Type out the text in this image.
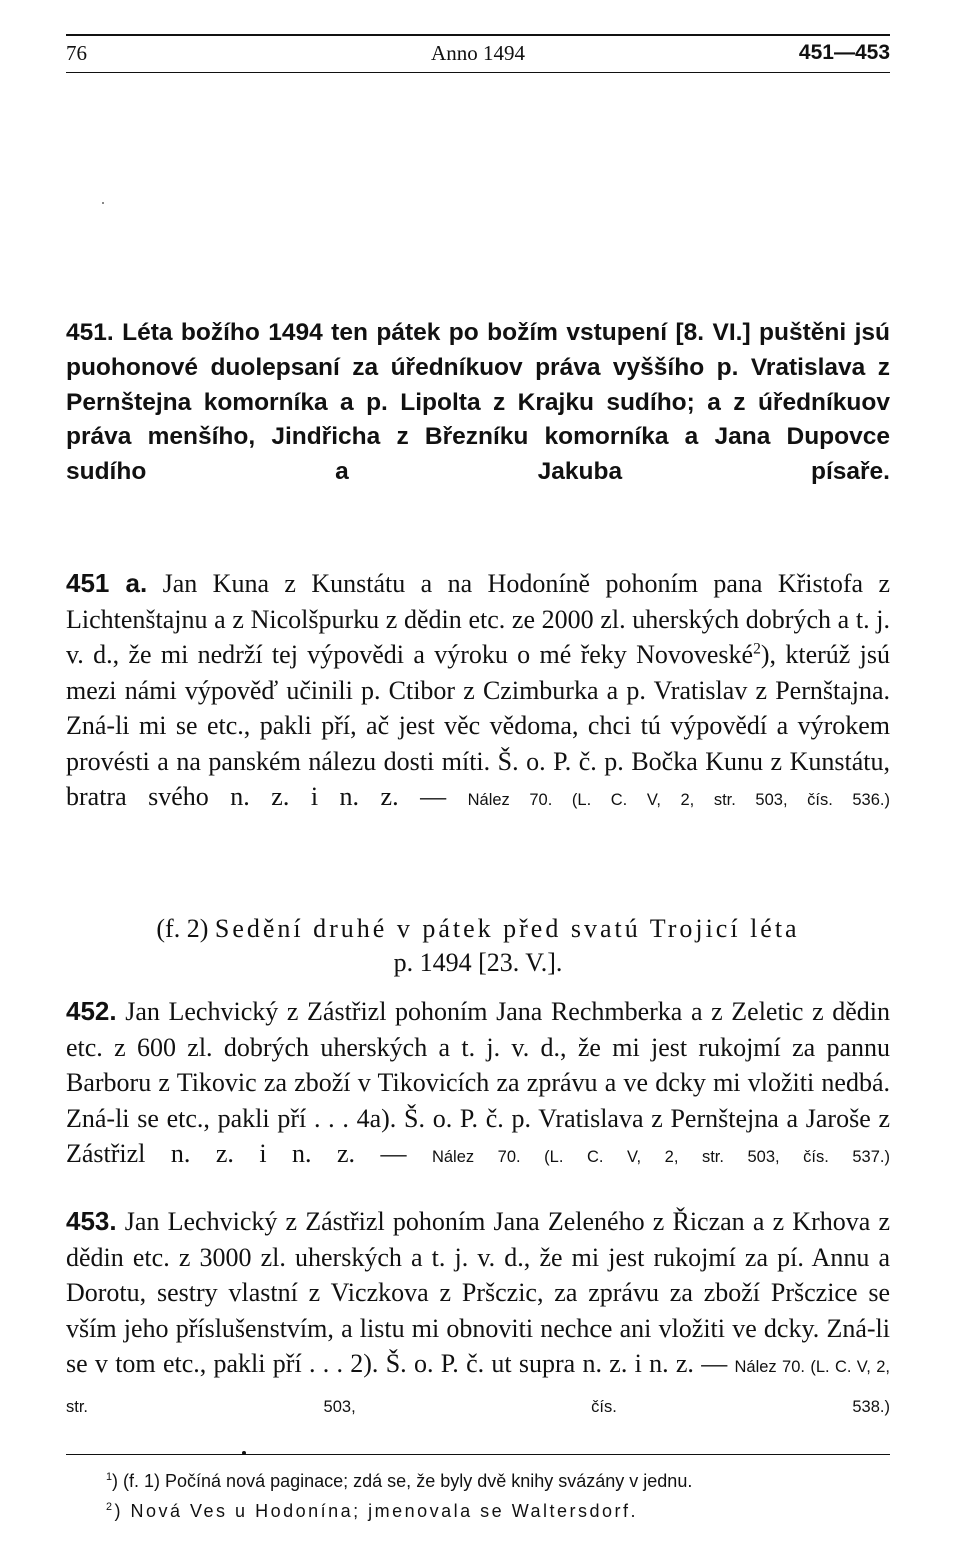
76	Anno 1494	451—453

451. Léta božího 1494 ten pátek po božím vstupení [8. VI.] puštěni jsú puohonové duolepsaní za úředníkuov práva vyššího p. Vratislava z Pernštejna komorníka a p. Lipolta z Krajku sudího; a z úředníkuov práva menšího, Jindřicha z Březníku komorníka a Jana Dupovce sudího a Jakuba písaře.

451 a. Jan Kuna z Kunstátu a na Hodoníně pohoním pana Křistofa z Lichtenštajnu a z Nicolšpurku z dědin etc. ze 2000 zl. uherských dobrých a t. j. v. d., že mi nedrží tej výpovědi a výroku o mé řeky Novoveské$^2$), kterúž jsú mezi námi výpověď učinili p. Ctibor z Czimburka a p. Vratislav z Pernštajna. Zná-li mi se etc., pakli pří, ač jest věc vědoma, chci tú výpovědí a výrokem provésti a na panském nálezu dosti míti. Š. o. P. č. p. Bočka Kunu z Kunstátu, bratra svého n. z. i n. z. — Nález 70. (L. C. V, 2, str. 503, čís. 536.)

(f. 2) Sedění druhé v pátek před svatú Trojicí léta
p. 1494 [23. V.].

452. Jan Lechvický z Zástřizl pohoním Jana Rechmberka a z Zeletic z dědin etc. z 600 zl. dobrých uherských a t. j. v. d., že mi jest rukojmí za pannu Barboru z Tikovic za zboží v Tikovicích za zprávu a ve dcky mi vložiti nedbá. Zná-li se etc., pakli pří . . . 4a). Š. o. P. č. p. Vratislava z Pernštejna a Jaroše z Zástřizl n. z. i n. z. — Nález 70. (L. C. V, 2, str. 503, čís. 537.)

453. Jan Lechvický z Zástřizl pohoním Jana Zeleného z Řiczan a z Krhova z dědin etc. z 3000 zl. uherských a t. j. v. d., že mi jest rukojmí za pí. Annu a Dorotu, sestry vlastní z Viczkova z Pršczic, za zprávu za zboží Pršczice se vším jeho příslušenstvím, a listu mi obnoviti nechce ani vložiti ve dcky. Zná-li se v tom etc., pakli pří . . . 2). Š. o. P. č. ut supra n. z. i n. z. — Nález 70. (L. C. V, 2, str. 503, čís. 538.)

$^1$) (f. 1) Počíná nová paginace; zdá se, že byly dvě knihy svázány v jednu.
$^2$) Nová Ves u Hodonína; jmenovala se Waltersdorf.
